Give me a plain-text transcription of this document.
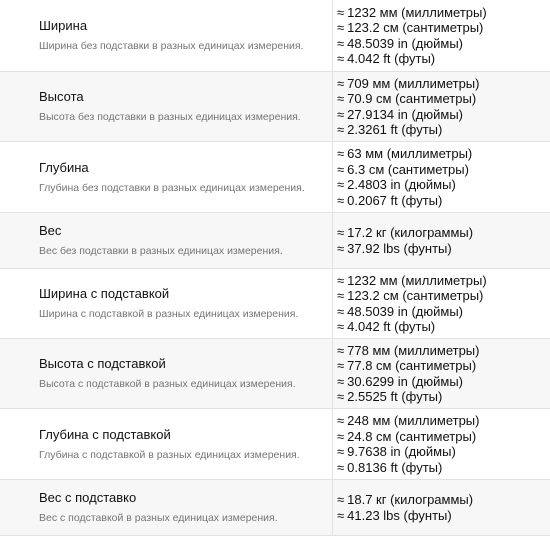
Ширина
Ширина без подставки в разных единицах измерения.
≈ 1232 мм (миллиметры)
≈ 123.2 см (сантиметры)
≈ 48.5039 in (дюймы)
≈ 4.042 ft (футы)
Высота
Высота без подставки в разных единицах измерения.
≈ 709 мм (миллиметры)
≈ 70.9 см (сантиметры)
≈ 27.9134 in (дюймы)
≈ 2.3261 ft (футы)
Глубина
Глубина без подставки в разных единицах измерения.
≈ 63 мм (миллиметры)
≈ 6.3 см (сантиметры)
≈ 2.4803 in (дюймы)
≈ 0.2067 ft (футы)
Вес
Вес без подставки в разных единицах измерения.
≈ 17.2 кг (килограммы)
≈ 37.92 lbs (фунты)
Ширина с подставкой
Ширина с подставкой в разных единицах измерения.
≈ 1232 мм (миллиметры)
≈ 123.2 см (сантиметры)
≈ 48.5039 in (дюймы)
≈ 4.042 ft (футы)
Высота с подставкой
Высота с подставкой в разных единицах измерения.
≈ 778 мм (миллиметры)
≈ 77.8 см (сантиметры)
≈ 30.6299 in (дюймы)
≈ 2.5525 ft (футы)
Глубина с подставкой
Глубина с подставкой в разных единицах измерения.
≈ 248 мм (миллиметры)
≈ 24.8 см (сантиметры)
≈ 9.7638 in (дюймы)
≈ 0.8136 ft (футы)
Вес с подставко
Вес с подставкой в разных единицах измерения.
≈ 18.7 кг (килограммы)
≈ 41.23 lbs (фунты)
